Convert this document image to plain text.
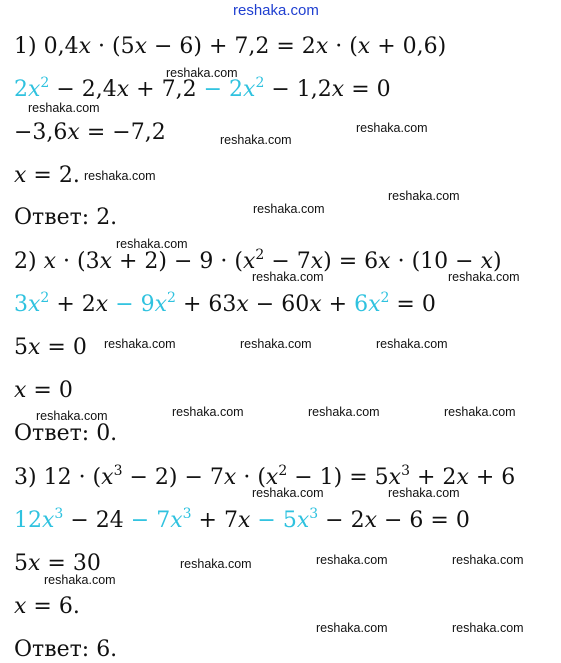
reshaka.com
1) 0,4x · (5x − 6) + 7,2 = 2x · (x + 0,6)
$2x^2 - 2,4x + 7,2 - 2x^2 - 1,2x = 0$
−3,6x = −7,2
x = 2.
Ответ: 2.
2) $x \cdot (3x + 2) - 9 \cdot (x^2 - 7x) = 6x \cdot (10 - x)$
$3x^2 + 2x - 9x^2 + 63x - 60x + 6x^2 = 0$
5x = 0
x = 0
Ответ: 0.
3) $12 \cdot (x^3 - 2) - 7x \cdot (x^2 - 1) = 5x^3 + 2x + 6$
$12x^3 - 24 - 7x^3 + 7x - 5x^3 - 2x - 6 = 0$
5x = 30
x = 6.
Ответ: 6.
reshaka.com
reshaka.com
reshaka.com
reshaka.com
reshaka.com
reshaka.com
reshaka.com
reshaka.com
reshaka.com	reshaka.com
reshaka.com	reshaka.com	reshaka.com
reshaka.com	reshaka.com	reshaka.com
reshaka.com
reshaka.com	reshaka.com
reshaka.com	reshaka.com	reshaka.com
reshaka.com
reshaka.com	reshaka.com
